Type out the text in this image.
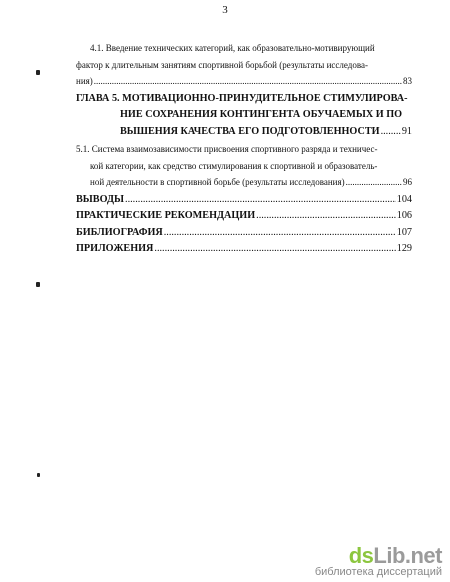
3
4.1. Введение технических категорий, как образовательно-мотивирующий
фактор к длительным занятиям спортивной борьбой (результаты исследова-
ния) .....	83
ГЛАВА 5. МОТИВАЦИОННО-ПРИНУДИТЕЛЬНОЕ СТИМУЛИРОВА-
НИЕ СОХРАНЕНИЯ КОНТИНГЕНТА ОБУЧАЕМЫХ И ПО
ВЫШЕНИЯ КАЧЕСТВА ЕГО ПОДГОТОВЛЕННОСТИ ..... 91
5.1. Система взаимозависимости присвоения спортивного разряда и техничес-
кой категории, как средство стимулирования к спортивной и образователь-
ной деятельности в спортивной борьбе (результаты исследования) .....	96
ВЫВОДЫ .....	104
ПРАКТИЧЕСКИЕ РЕКОМЕНДАЦИИ .....	106
БИБЛИОГРАФИЯ .....	107
ПРИЛОЖЕНИЯ .....	129
dsLib.net
библиотека диссертаций
